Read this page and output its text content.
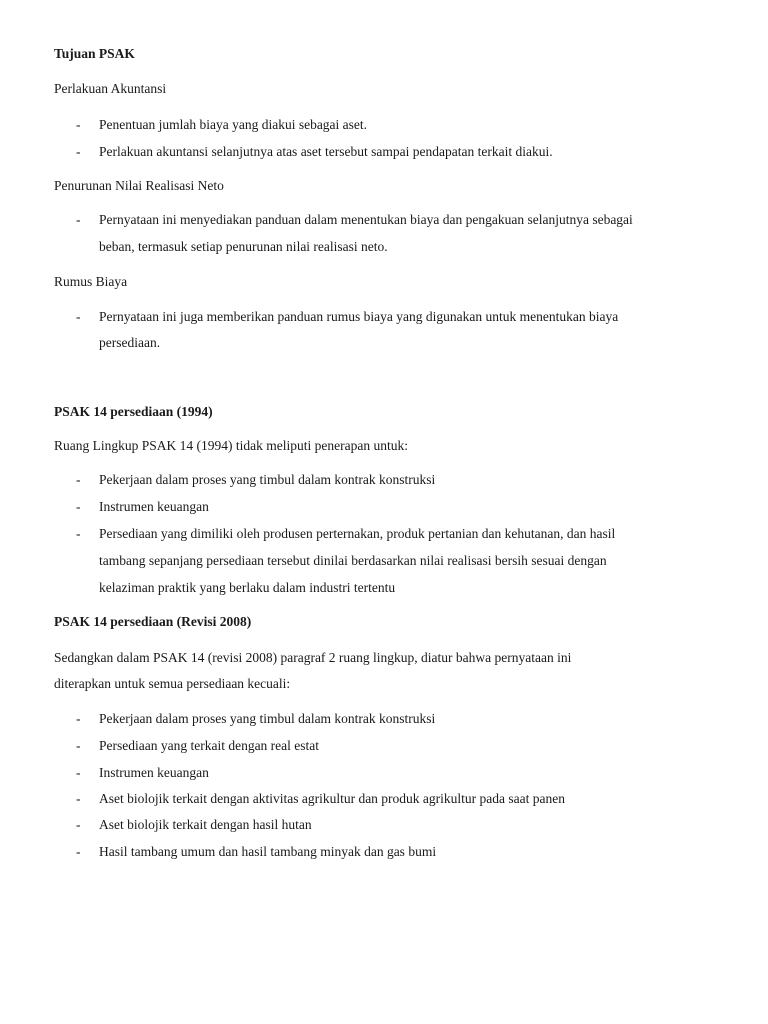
Tujuan PSAK
Perlakuan Akuntansi
- Penentuan jumlah biaya yang diakui sebagai aset.
- Perlakuan akuntansi selanjutnya atas aset tersebut sampai pendapatan terkait diakui.
Penurunan Nilai Realisasi Neto
- Pernyataan ini menyediakan panduan dalam menentukan biaya dan pengakuan selanjutnya sebagai
beban, termasuk setiap penurunan nilai realisasi neto.
Rumus Biaya
- Pernyataan ini juga memberikan panduan rumus biaya yang digunakan untuk menentukan biaya
persediaan.
PSAK 14 persediaan (1994)
Ruang Lingkup PSAK 14 (1994) tidak meliputi penerapan untuk:
- Pekerjaan dalam proses yang timbul dalam kontrak konstruksi
- Instrumen keuangan
- Persediaan yang dimiliki oleh produsen perternakan, produk pertanian dan kehutanan, dan hasil
tambang sepanjang persediaan tersebut dinilai berdasarkan nilai realisasi bersih sesuai dengan
kelaziman praktik yang berlaku dalam industri tertentu
PSAK 14 persediaan (Revisi 2008)
Sedangkan dalam PSAK 14 (revisi 2008) paragraf 2 ruang lingkup, diatur bahwa pernyataan ini
diterapkan untuk semua persediaan kecuali:
- Pekerjaan dalam proses yang timbul dalam kontrak konstruksi
- Persediaan yang terkait dengan real estat
- Instrumen keuangan
- Aset biolojik terkait dengan aktivitas agrikultur dan produk agrikultur pada saat panen
- Aset biolojik terkait dengan hasil hutan
- Hasil tambang umum dan hasil tambang minyak dan gas bumi
